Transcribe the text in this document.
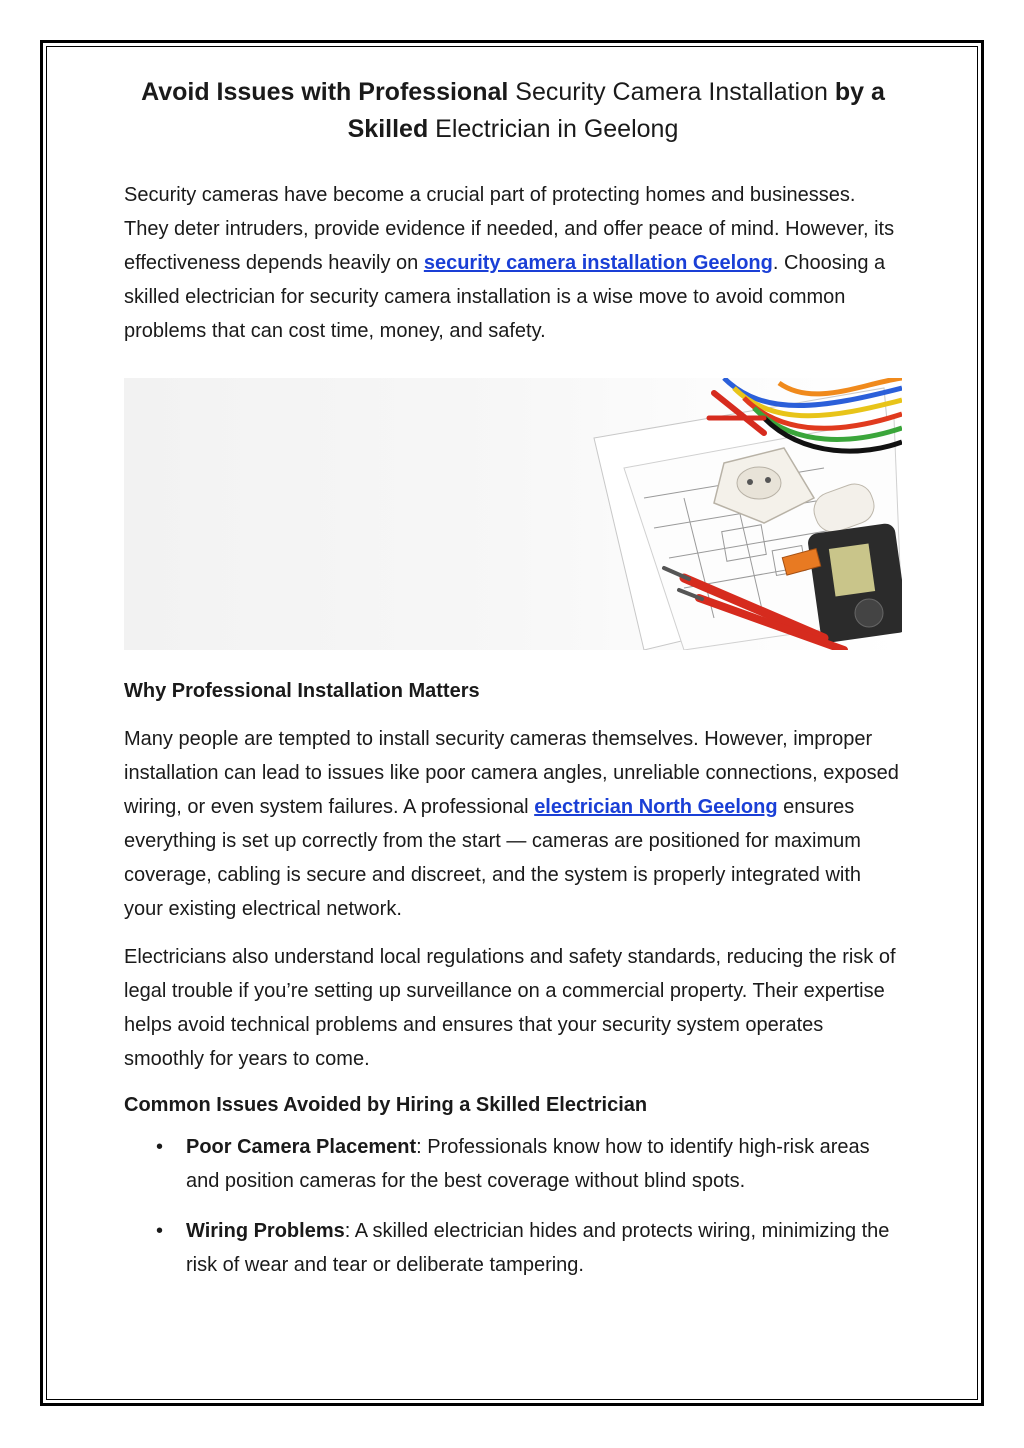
Avoid Issues with Professional Security Camera Installation by a
Skilled Electrician in Geelong

Security cameras have become a crucial part of protecting homes and businesses. They deter intruders, provide evidence if needed, and offer peace of mind. However, its effectiveness depends heavily on security camera installation Geelong. Choosing a skilled electrician for security camera installation is a wise move to avoid common problems that can cost time, money, and safety.

Why Professional Installation Matters

Many people are tempted to install security cameras themselves. However, improper installation can lead to issues like poor camera angles, unreliable connections, exposed wiring, or even system failures. A professional electrician North Geelong ensures everything is set up correctly from the start — cameras are positioned for maximum coverage, cabling is secure and discreet, and the system is properly integrated with your existing electrical network.

Electricians also understand local regulations and safety standards, reducing the risk of legal trouble if you’re setting up surveillance on a commercial property. Their expertise helps avoid technical problems and ensures that your security system operates smoothly for years to come.

Common Issues Avoided by Hiring a Skilled Electrician
• Poor Camera Placement: Professionals know how to identify high-risk areas and position cameras for the best coverage without blind spots.
• Wiring Problems: A skilled electrician hides and protects wiring, minimizing the risk of wear and tear or deliberate tampering.
